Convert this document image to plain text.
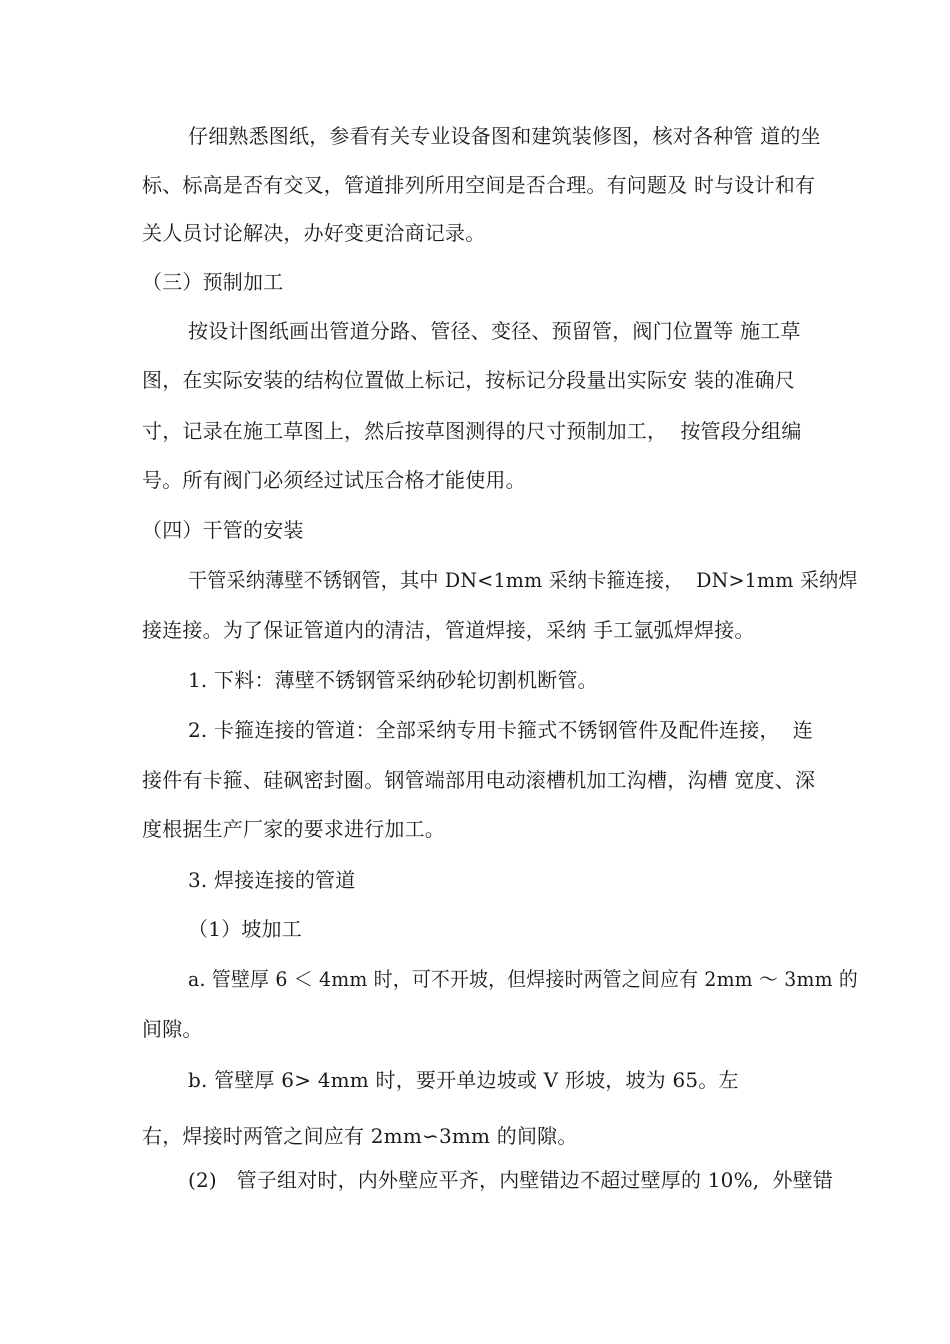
仔细熟悉图纸，参看有关专业设备图和建筑装修图，核对各种管 道的坐
标、标高是否有交叉，管道排列所用空间是否合理。有问题及 时与设计和有
关人员讨论解决，办好变更洽商记录。
（三）预制加工
按设计图纸画出管道分路、管径、变径、预留管，阀门位置等 施工草
图，在实际安装的结构位置做上标记，按标记分段量出实际安 装的准确尺
寸，记录在施工草图上，然后按草图测得的尺寸预制加工，  按管段分组编
号。所有阀门必须经过试压合格才能使用。
（四）干管的安装
干管采纳薄壁不锈钢管，其中 DN<1mm 采纳卡箍连接，  DN>1mm 采纳焊
接连接。为了保证管道内的清洁，管道焊接，采纳 手工氩弧焊焊接。
1. 下料：薄壁不锈钢管采纳砂轮切割机断管。
2. 卡箍连接的管道：全部采纳专用卡箍式不锈钢管件及配件连接，  连
接件有卡箍、硅砜密封圈。钢管端部用电动滚槽机加工沟槽，沟槽 宽度、深
度根据生产厂家的要求进行加工。
3. 焊接连接的管道
（1）坡加工
a. 管壁厚 6 ＜ 4mm 时，可不开坡，但焊接时两管之间应有 2mm ～ 3mm 的
间隙。
b. 管壁厚 6> 4mm 时，要开单边坡或 V 形坡，坡为 65。左
右，焊接时两管之间应有 2mm∽3mm 的间隙。
(2)   管子组对时，内外壁应平齐，内壁错边不超过壁厚的 10%,  外壁错
